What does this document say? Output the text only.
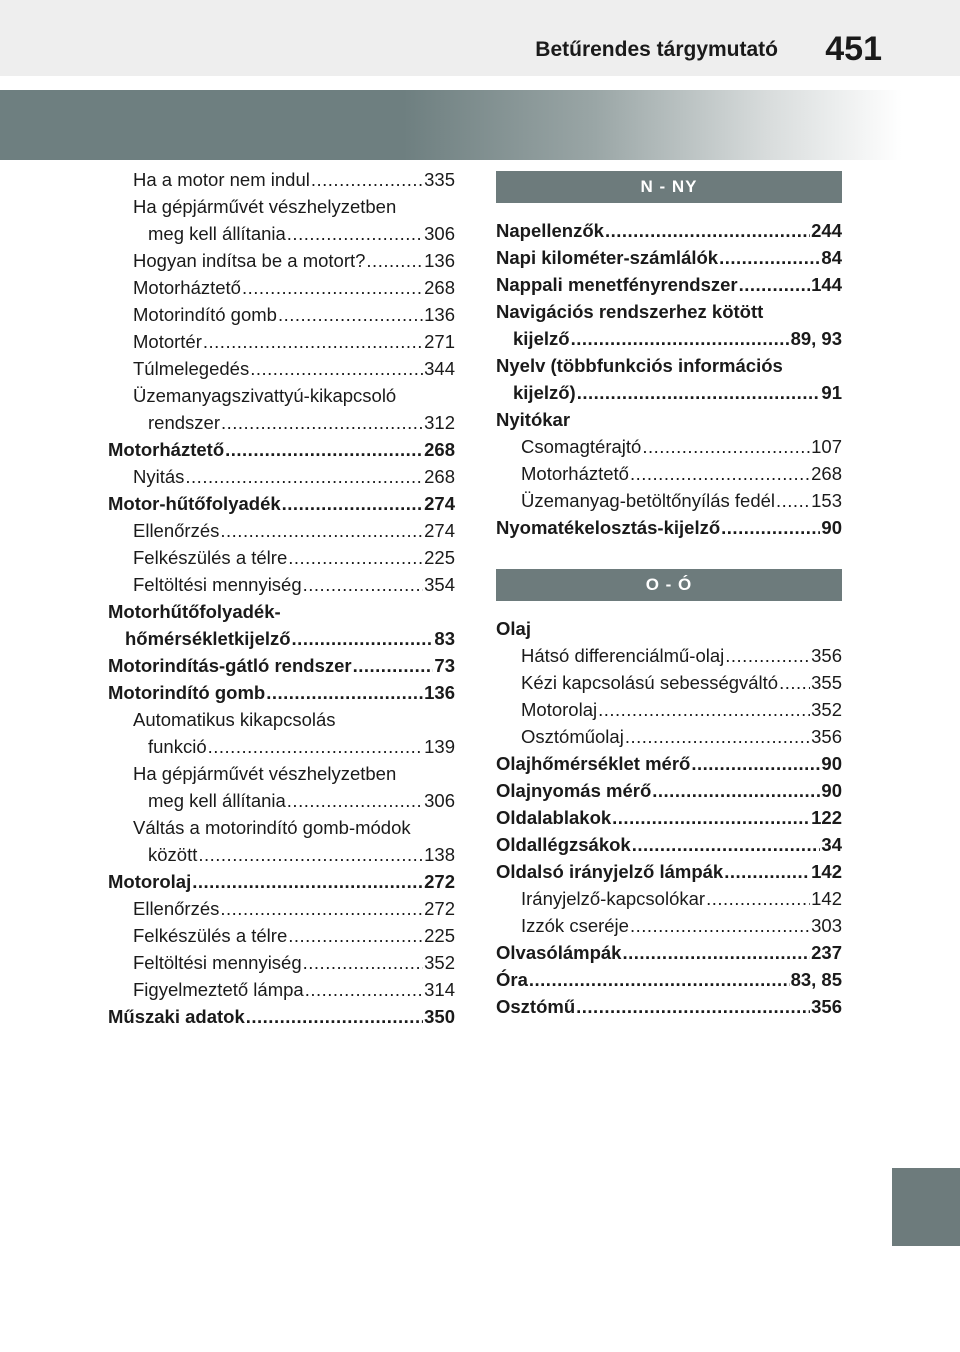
Betűrendes tárgymutató 451
Ha a motor nem indul .....	335
Ha gépjárművét vészhelyzetben
meg kell állítania .....	306
Hogyan indítsa be a motort? .....	136
Motorháztető .....	268
Motorindító gomb .....	136
Motortér .....	271
Túlmelegedés .....	344
Üzemanyagszivattyú-kikapcsoló
rendszer .....	312
Motorháztető .....	268
Nyitás .....	268
Motor-hűtőfolyadék .....	274
Ellenőrzés .....	274
Felkészülés a télre .....	225
Feltöltési mennyiség .....	354
Motorhűtőfolyadék-
hőmérsékletkijelző .....	83
Motorindítás-gátló rendszer .....	73
Motorindító gomb .....	136
Automatikus kikapcsolás
funkció .....	139
Ha gépjárművét vészhelyzetben
meg kell állítania .....	306
Váltás a motorindító gomb-módok
között .....	138
Motorolaj .....	272
Ellenőrzés .....	272
Felkészülés a télre .....	225
Feltöltési mennyiség .....	352
Figyelmeztető lámpa .....	314
Műszaki adatok .....	350
N - NY
Napellenzők .....	244
Napi kilométer-számlálók .....	84
Nappali menetfényrendszer .....	144
Navigációs rendszerhez kötött
kijelző .....	89, 93
Nyelv (többfunkciós információs
kijelző) .....	91
Nyitókar
Csomagtérajtó .....	107
Motorháztető .....	268
Üzemanyag-betöltőnyílás fedél ..... 153
Nyomatékelosztás-kijelző .....	90
O - Ó
Olaj
Hátsó differenciálmű-olaj .....	356
Kézi kapcsolású sebességváltó ..... 355
Motorolaj .....	352
Osztóműolaj .....	356
Olajhőmérséklet mérő .....	90
Olajnyomás mérő .....	90
Oldalablakok .....	122
Oldallégzsákok .....	34
Oldalsó irányjelző lámpák .....	142
Irányjelző-kapcsolókar .....	142
Izzók cseréje .....	303
Olvasólámpák .....	237
Óra .....	83, 85
Osztómű .....	356
